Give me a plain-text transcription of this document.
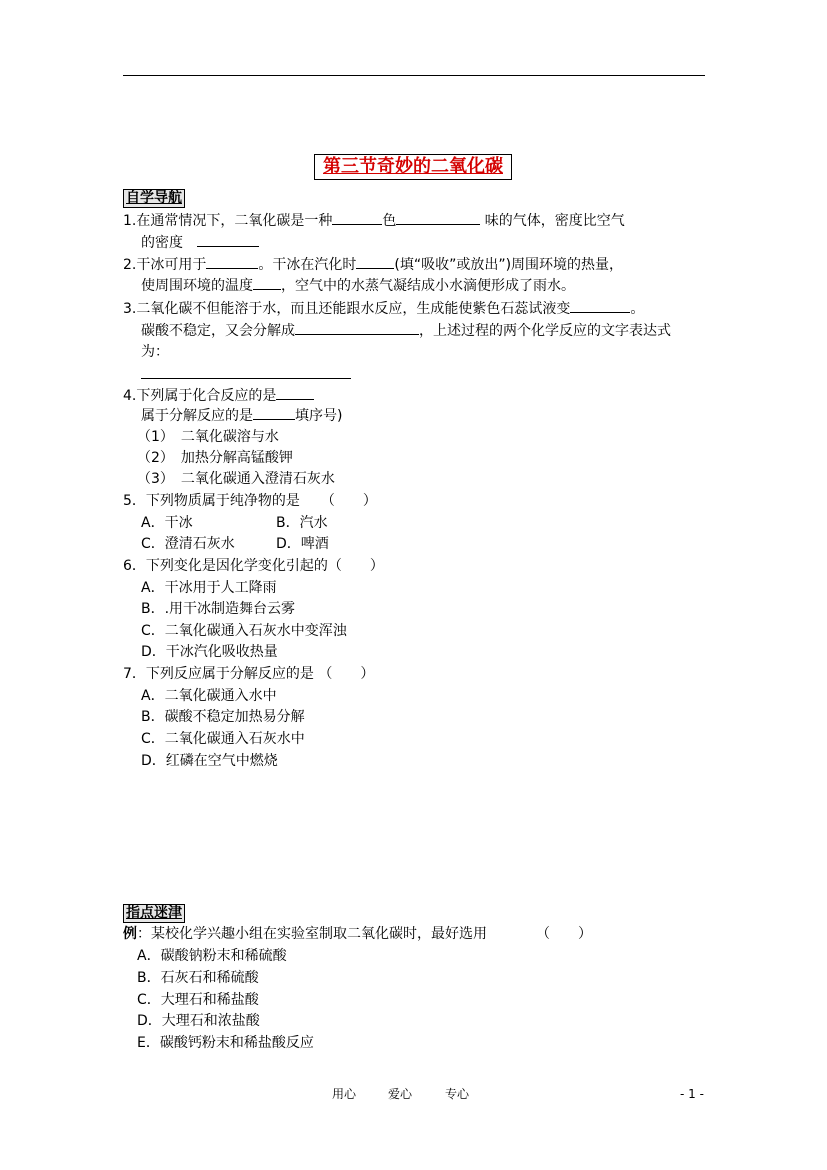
第三节奇妙的二氧化碳
自学导航
1.在通常情况下，二氧化碳是一种	色	味的气体，密度比空气
的密度　
2.干冰可用于	。干冰在汽化时	(填“吸收”或放出”)周围环境的热量，
使周围环境的温度 ，空气中的水蒸气凝结成小水滴便形成了雨水。
3.二氧化碳不但能溶于水，而且还能跟水反应，生成能使紫色石蕊试液变	。
碳酸不稳定，又会分解成	，上述过程的两个化学反应的文字表达式
为：
4.下列属于化合反应的是
属于分解反应的是	填序号)
（1）　二氧化碳溶与水
（2）　加热分解高锰酸钾
（3）　二氧化碳通入澄清石灰水
5．下列物质属于纯净物的是　　（　　）
A．干冰	B．汽水
C．澄清石灰水	D．啤酒
6．下列变化是因化学变化引起的（　　）
A．干冰用于人工降雨
B．.用干冰制造舞台云雾
C．二氧化碳通入石灰水中变浑浊
D．干冰汽化吸收热量
7．下列反应属于分解反应的是 （　　）
A．二氧化碳通入水中
B．碳酸不稳定加热易分解
C．二氧化碳通入石灰水中
D．红磷在空气中燃烧
指点迷津
例：某校化学兴趣小组在实验室制取二氧化碳时，最好选用　　　　（　　）
A．碳酸钠粉末和稀硫酸
B．石灰石和稀硫酸
C．大理石和稀盐酸
D．大理石和浓盐酸
E．碳酸钙粉末和稀盐酸反应
用心	爱心	专心	- 1 -
